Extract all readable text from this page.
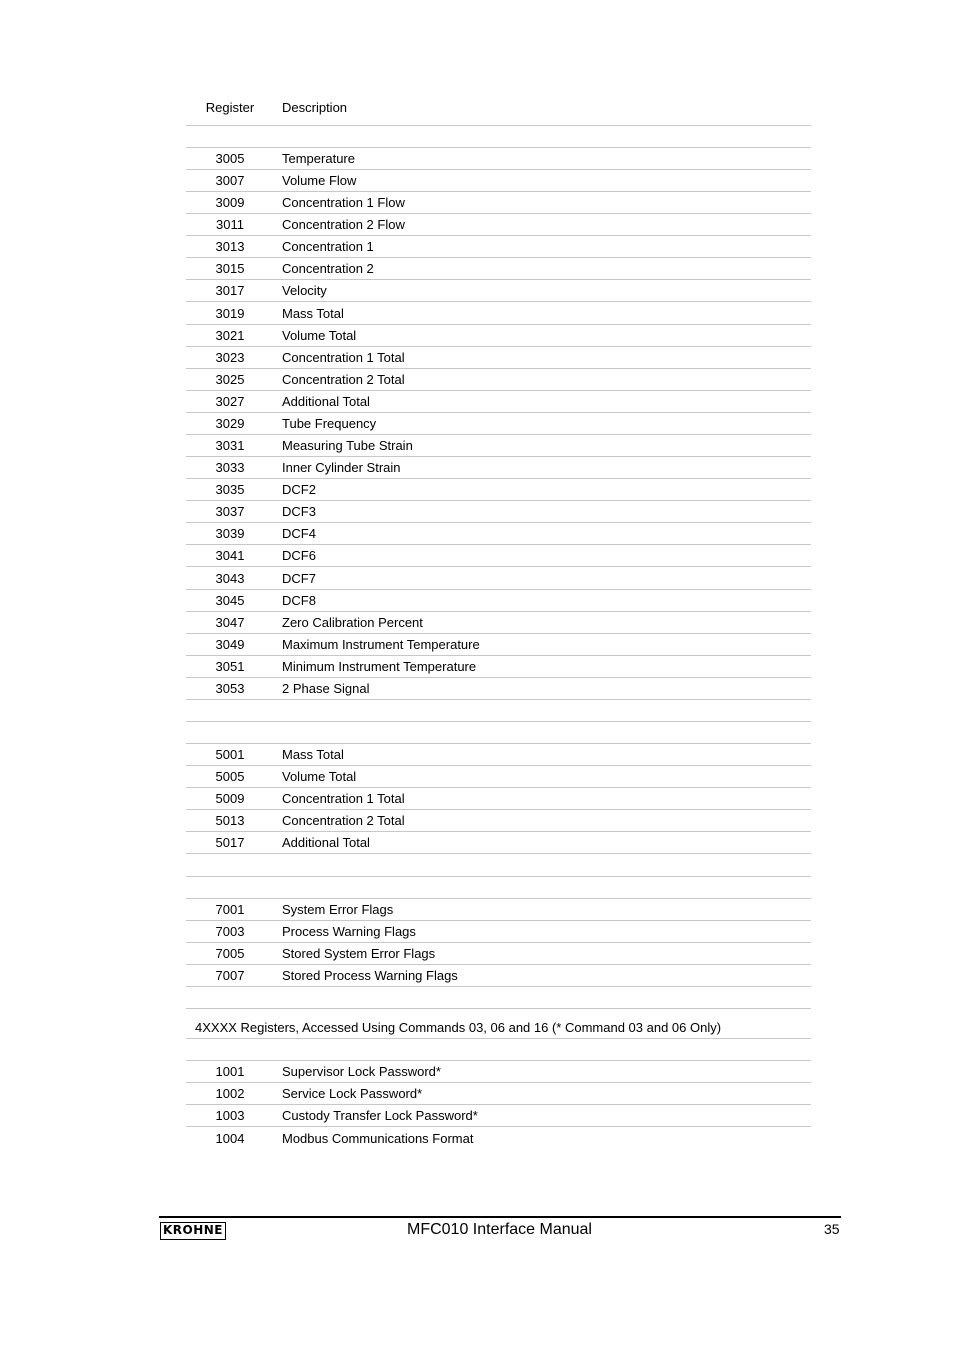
Register	Description
3005	Temperature
3007	Volume Flow
3009	Concentration 1 Flow
3011	Concentration 2 Flow
3013	Concentration 1
3015	Concentration 2
3017	Velocity
3019	Mass Total
3021	Volume Total
3023	Concentration 1 Total
3025	Concentration 2 Total
3027	Additional Total
3029	Tube Frequency
3031	Measuring Tube Strain
3033	Inner Cylinder Strain
3035	DCF2
3037	DCF3
3039	DCF4
3041	DCF6
3043	DCF7
3045	DCF8
3047	Zero Calibration Percent
3049	Maximum Instrument Temperature
3051	Minimum Instrument Temperature
3053	2 Phase Signal
5001	Mass Total
5005	Volume Total
5009	Concentration 1 Total
5013	Concentration 2 Total
5017	Additional Total
7001	System Error Flags
7003	Process Warning Flags
7005	Stored System Error Flags
7007	Stored Process Warning Flags
4XXXX Registers, Accessed Using Commands 03, 06 and 16 (* Command 03 and 06 Only)
1001	Supervisor Lock Password*
1002	Service Lock Password*
1003	Custody Transfer Lock Password*
1004	Modbus Communications Format
KROHNE	MFC010 Interface Manual	35
